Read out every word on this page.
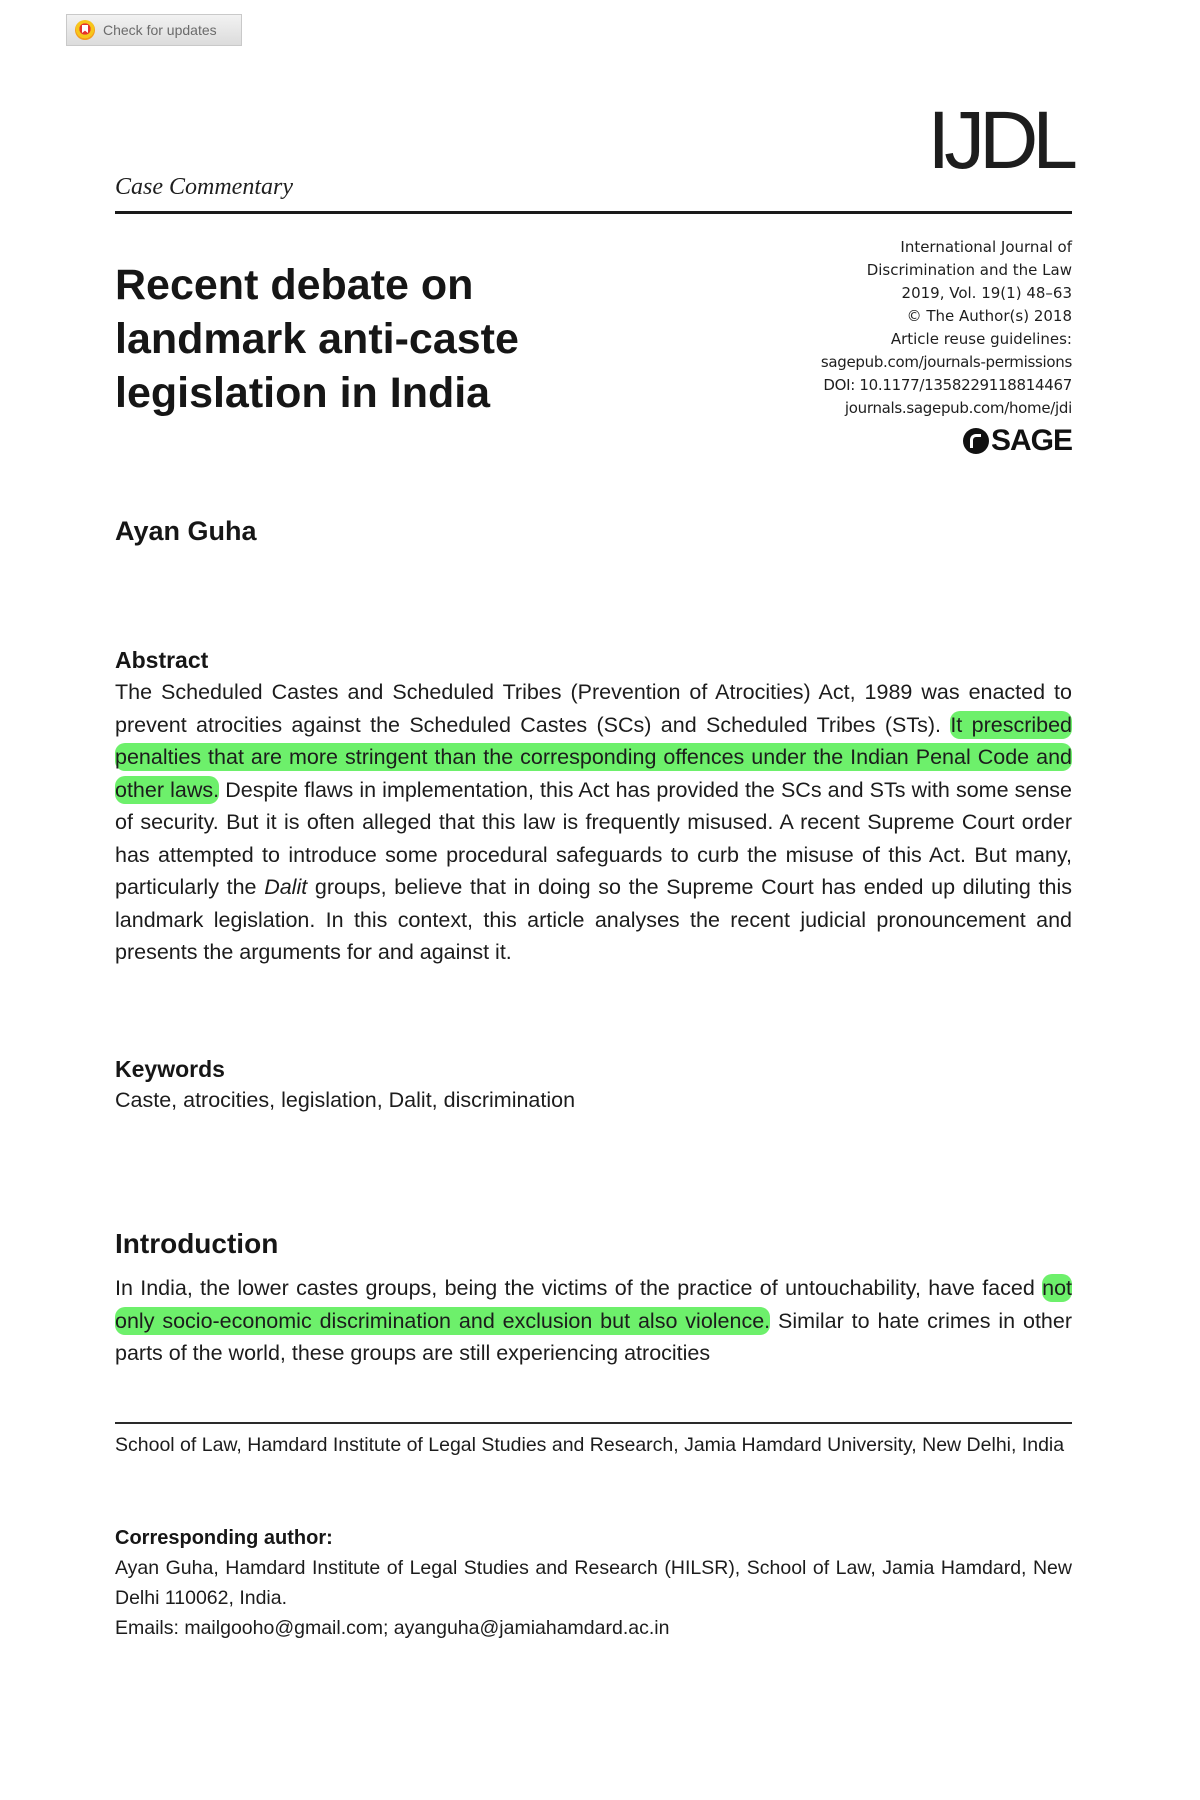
Check for updates
IJDL
Case Commentary
Recent debate on landmark anti-caste legislation in India
International Journal of
Discrimination and the Law
2019, Vol. 19(1) 48–63
© The Author(s) 2018
Article reuse guidelines:
sagepub.com/journals-permissions
DOI: 10.1177/1358229118814467
journals.sagepub.com/home/jdi
SAGE
Ayan Guha
Abstract

The Scheduled Castes and Scheduled Tribes (Prevention of Atrocities) Act, 1989 was enacted to prevent atrocities against the Scheduled Castes (SCs) and Scheduled Tribes (STs). It prescribed penalties that are more stringent than the corresponding offences under the Indian Penal Code and other laws. Despite flaws in implementation, this Act has provided the SCs and STs with some sense of security. But it is often alleged that this law is frequently misused. A recent Supreme Court order has attempted to introduce some procedural safeguards to curb the misuse of this Act. But many, particularly the Dalit groups, believe that in doing so the Supreme Court has ended up diluting this landmark legislation. In this context, this article analyses the recent judicial pronouncement and presents the arguments for and against it.

Keywords

Caste, atrocities, legislation, Dalit, discrimination

Introduction

In India, the lower castes groups, being the victims of the practice of untouchability, have faced not only socio-economic discrimination and exclusion but also violence. Similar to hate crimes in other parts of the world, these groups are still experiencing atrocities

School of Law, Hamdard Institute of Legal Studies and Research, Jamia Hamdard University, New Delhi, India

Corresponding author:

Ayan Guha, Hamdard Institute of Legal Studies and Research (HILSR), School of Law, Jamia Hamdard, New Delhi 110062, India.

Emails: mailgooho@gmail.com; ayanguha@jamiahamdard.ac.in
